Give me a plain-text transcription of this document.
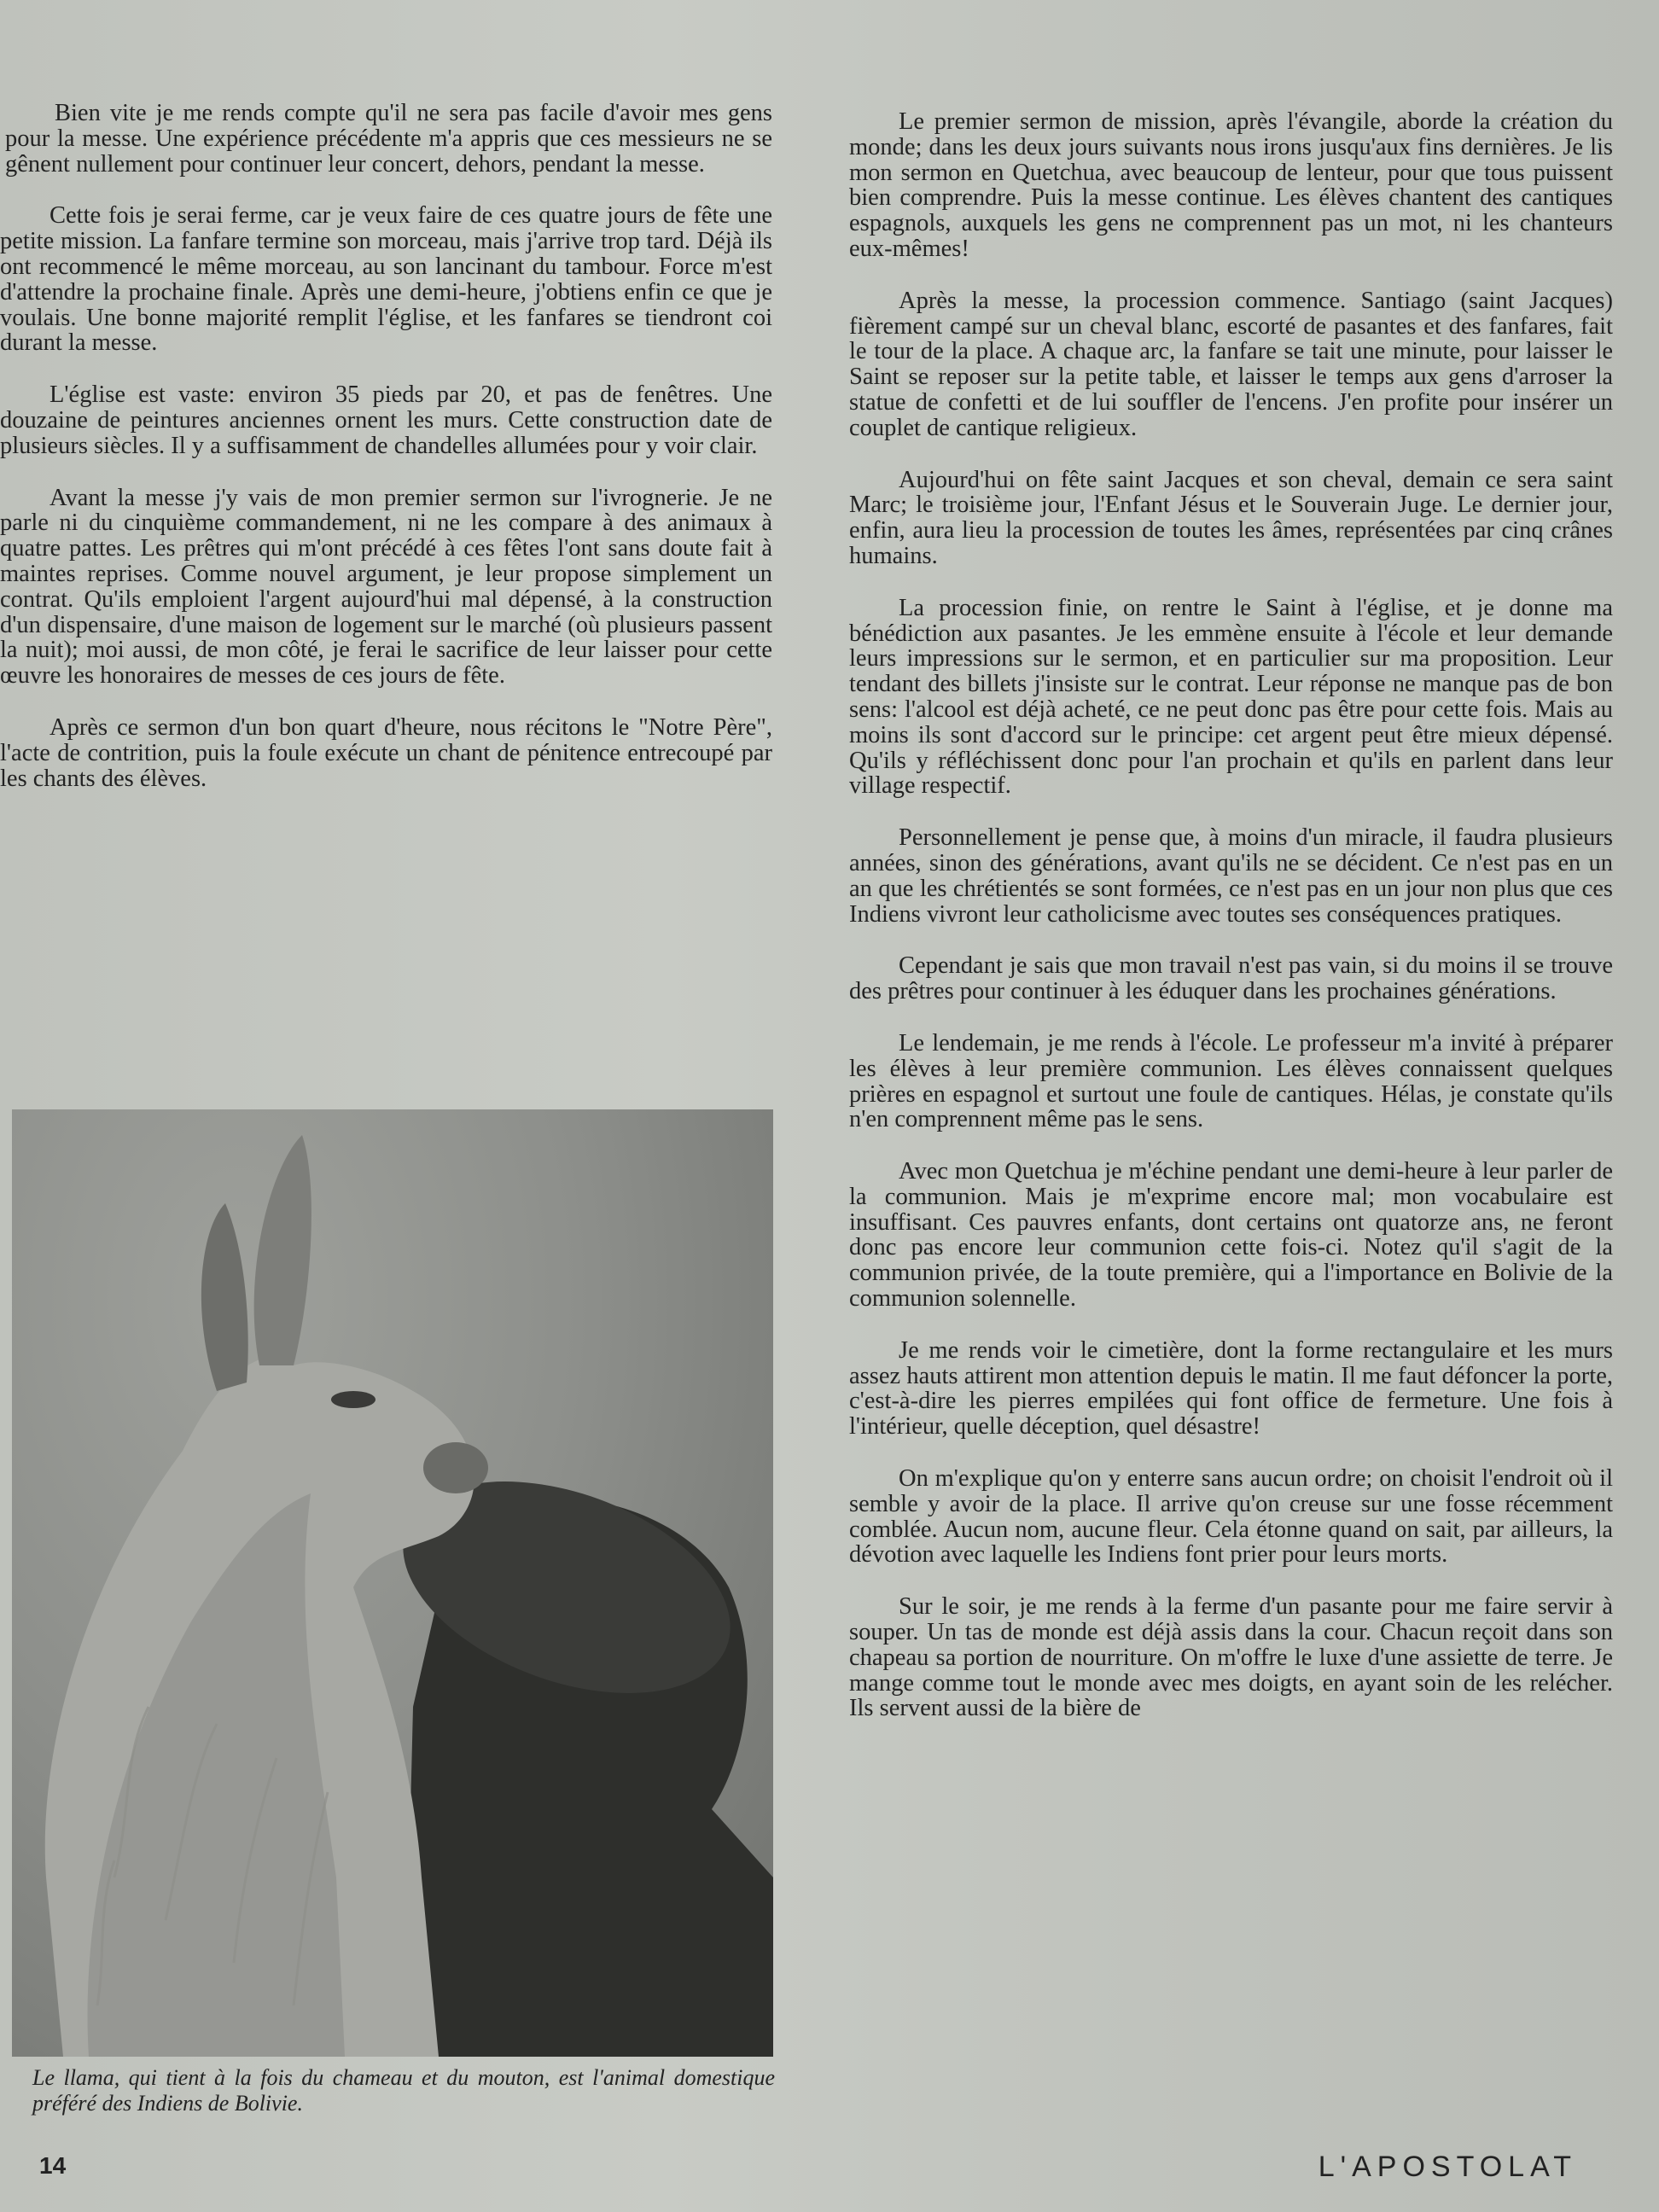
Bien vite je me rends compte qu'il ne sera pas facile d'avoir mes gens pour la messe. Une expérience précédente m'a appris que ces messieurs ne se gênent nullement pour continuer leur concert, dehors, pendant la messe.

Cette fois je serai ferme, car je veux faire de ces quatre jours de fête une petite mission. La fanfare termine son morceau, mais j'arrive trop tard. Déjà ils ont recommencé le même morceau, au son lancinant du tambour. Force m'est d'attendre la prochaine finale. Après une demi-heure, j'obtiens enfin ce que je voulais. Une bonne majorité remplit l'église, et les fanfares se tiendront coi durant la messe.

L'église est vaste: environ 35 pieds par 20, et pas de fenêtres. Une douzaine de peintures anciennes ornent les murs. Cette construction date de plusieurs siècles. Il y a suffisamment de chandelles allumées pour y voir clair.

Avant la messe j'y vais de mon premier sermon sur l'ivrognerie. Je ne parle ni du cinquième commandement, ni ne les compare à des animaux à quatre pattes. Les prêtres qui m'ont précédé à ces fêtes l'ont sans doute fait à maintes reprises. Comme nouvel argument, je leur propose simplement un contrat. Qu'ils emploient l'argent aujourd'hui mal dépensé, à la construction d'un dispensaire, d'une maison de logement sur le marché (où plusieurs passent la nuit); moi aussi, de mon côté, je ferai le sacrifice de leur laisser pour cette œuvre les honoraires de messes de ces jours de fête.

Après ce sermon d'un bon quart d'heure, nous récitons le "Notre Père", l'acte de contrition, puis la foule exécute un chant de pénitence entrecoupé par les chants des élèves.

Le llama, qui tient à la fois du chameau et du mouton, est l'animal domestique préféré des Indiens de Bolivie.

Le premier sermon de mission, après l'évangile, aborde la création du monde; dans les deux jours suivants nous irons jusqu'aux fins dernières. Je lis mon sermon en Quetchua, avec beaucoup de lenteur, pour que tous puissent bien comprendre. Puis la messe continue. Les élèves chantent des cantiques espagnols, auxquels les gens ne comprennent pas un mot, ni les chanteurs eux-mêmes!

Après la messe, la procession commence. Santiago (saint Jacques) fièrement campé sur un cheval blanc, escorté de pasantes et des fanfares, fait le tour de la place. A chaque arc, la fanfare se tait une minute, pour laisser le Saint se reposer sur la petite table, et laisser le temps aux gens d'arroser la statue de confetti et de lui souffler de l'encens. J'en profite pour insérer un couplet de cantique religieux.

Aujourd'hui on fête saint Jacques et son cheval, demain ce sera saint Marc; le troisième jour, l'Enfant Jésus et le Souverain Juge. Le dernier jour, enfin, aura lieu la procession de toutes les âmes, représentées par cinq crânes humains.

La procession finie, on rentre le Saint à l'église, et je donne ma bénédiction aux pasantes. Je les emmène ensuite à l'école et leur demande leurs impressions sur le sermon, et en particulier sur ma proposition. Leur tendant des billets j'insiste sur le contrat. Leur réponse ne manque pas de bon sens: l'alcool est déjà acheté, ce ne peut donc pas être pour cette fois. Mais au moins ils sont d'accord sur le principe: cet argent peut être mieux dépensé. Qu'ils y réfléchissent donc pour l'an prochain et qu'ils en parlent dans leur village respectif.

Personnellement je pense que, à moins d'un miracle, il faudra plusieurs années, sinon des générations, avant qu'ils ne se décident. Ce n'est pas en un an que les chrétientés se sont formées, ce n'est pas en un jour non plus que ces Indiens vivront leur catholicisme avec toutes ses conséquences pratiques.

Cependant je sais que mon travail n'est pas vain, si du moins il se trouve des prêtres pour continuer à les éduquer dans les prochaines générations.

Le lendemain, je me rends à l'école. Le professeur m'a invité à préparer les élèves à leur première communion. Les élèves connaissent quelques prières en espagnol et surtout une foule de cantiques. Hélas, je constate qu'ils n'en comprennent même pas le sens.

Avec mon Quetchua je m'échine pendant une demi-heure à leur parler de la communion. Mais je m'exprime encore mal; mon vocabulaire est insuffisant. Ces pauvres enfants, dont certains ont quatorze ans, ne feront donc pas encore leur communion cette fois-ci. Notez qu'il s'agit de la communion privée, de la toute première, qui a l'importance en Bolivie de la communion solennelle.

Je me rends voir le cimetière, dont la forme rectangulaire et les murs assez hauts attirent mon attention depuis le matin. Il me faut défoncer la porte, c'est-à-dire les pierres empilées qui font office de fermeture. Une fois à l'intérieur, quelle déception, quel désastre!

On m'explique qu'on y enterre sans aucun ordre; on choisit l'endroit où il semble y avoir de la place. Il arrive qu'on creuse sur une fosse récemment comblée. Aucun nom, aucune fleur. Cela étonne quand on sait, par ailleurs, la dévotion avec laquelle les Indiens font prier pour leurs morts.

Sur le soir, je me rends à la ferme d'un pasante pour me faire servir à souper. Un tas de monde est déjà assis dans la cour. Chacun reçoit dans son chapeau sa portion de nourriture. On m'offre le luxe d'une assiette de terre. Je mange comme tout le monde avec mes doigts, en ayant soin de les relécher. Ils servent aussi de la bière de

14	L'APOSTOLAT
